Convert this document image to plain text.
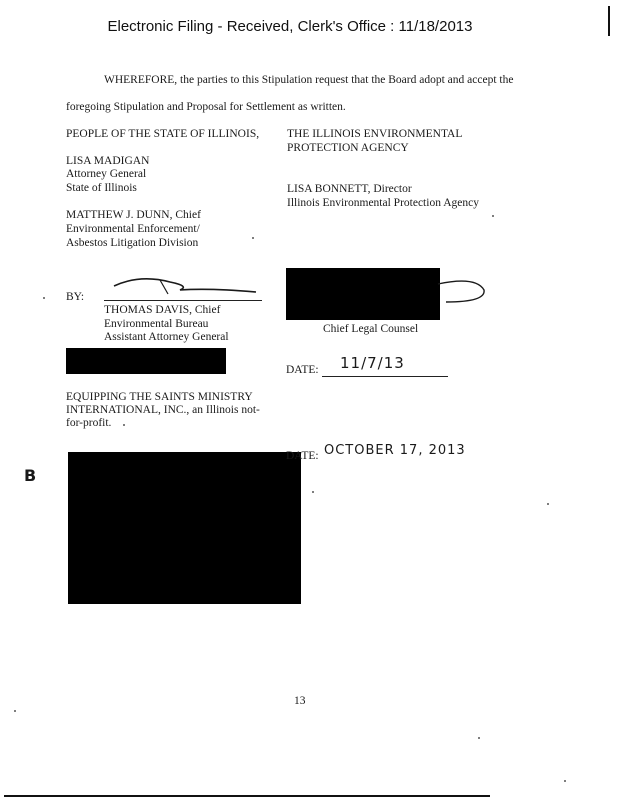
Electronic Filing - Received, Clerk's Office : 11/18/2013
WHEREFORE, the parties to this Stipulation request that the Board adopt and accept the
foregoing Stipulation and Proposal for Settlement as written.
PEOPLE OF THE STATE OF ILLINOIS,
LISA MADIGAN
Attorney General
State of Illinois
MATTHEW J. DUNN, Chief
Environmental Enforcement/
Asbestos Litigation Division
BY:
THOMAS DAVIS, Chief
Environmental Bureau
Assistant Attorney General
EQUIPPING THE SAINTS MINISTRY
INTERNATIONAL, INC., an Illinois not-
for-profit.
B
THE ILLINOIS ENVIRONMENTAL
PROTECTION AGENCY
LISA BONNETT, Director
Illinois Environmental Protection Agency
Chief Legal Counsel
DATE: 11/7/13
DATE: OCTOBER 17, 2013
13
